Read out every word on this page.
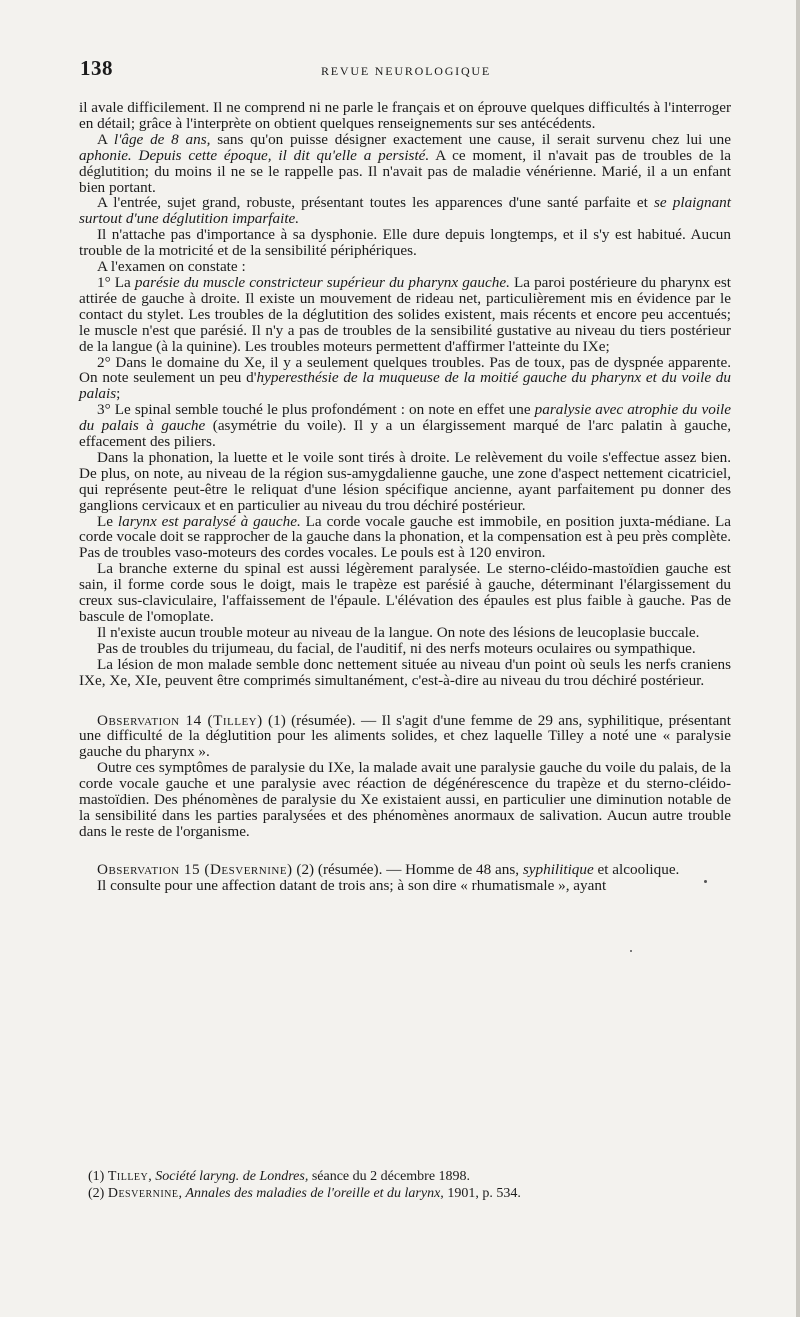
138	REVUE NEUROLOGIQUE

il avale difficilement. Il ne comprend ni ne parle le français et on éprouve quelques difficultés à l'interroger en détail; grâce à l'interprète on obtient quelques renseignements sur ses antécédents.

A l'âge de 8 ans, sans qu'on puisse désigner exactement une cause, il serait survenu chez lui une aphonie. Depuis cette époque, il dit qu'elle a persisté. A ce moment, il n'avait pas de troubles de la déglutition; du moins il ne se le rappelle pas. Il n'avait pas de maladie vénérienne. Marié, il a un enfant bien portant.

A l'entrée, sujet grand, robuste, présentant toutes les apparences d'une santé parfaite et se plaignant surtout d'une déglutition imparfaite.

Il n'attache pas d'importance à sa dysphonie. Elle dure depuis longtemps, et il s'y est habitué. Aucun trouble de la motricité et de la sensibilité périphériques.

A l'examen on constate :

1° La parésie du muscle constricteur supérieur du pharynx gauche. La paroi postérieure du pharynx est attirée de gauche à droite. Il existe un mouvement de rideau net, particulièrement mis en évidence par le contact du stylet. Les troubles de la déglutition des solides existent, mais récents et encore peu accentués; le muscle n'est que parésié. Il n'y a pas de troubles de la sensibilité gustative au niveau du tiers postérieur de la langue (à la quinine). Les troubles moteurs permettent d'affirmer l'atteinte du IXe;

2° Dans le domaine du Xe, il y a seulement quelques troubles. Pas de toux, pas de dyspnée apparente. On note seulement un peu d'hyperesthésie de la muqueuse de la moitié gauche du pharynx et du voile du palais;

3° Le spinal semble touché le plus profondément : on note en effet une paralysie avec atrophie du voile du palais à gauche (asymétrie du voile). Il y a un élargissement marqué de l'arc palatin à gauche, effacement des piliers.

Dans la phonation, la luette et le voile sont tirés à droite. Le relèvement du voile s'effectue assez bien. De plus, on note, au niveau de la région sus-amygdalienne gauche, une zone d'aspect nettement cicatriciel, qui représente peut-être le reliquat d'une lésion spécifique ancienne, ayant parfaitement pu donner des ganglions cervicaux et en particulier au niveau du trou déchiré postérieur.

Le larynx est paralysé à gauche. La corde vocale gauche est immobile, en position juxta-médiane. La corde vocale doit se rapprocher de la gauche dans la phonation, et la compensation est à peu près complète. Pas de troubles vaso-moteurs des cordes vocales. Le pouls est à 120 environ.

La branche externe du spinal est aussi légèrement paralysée. Le sterno-cléido-mastoïdien gauche est sain, il forme corde sous le doigt, mais le trapèze est parésié à gauche, déterminant l'élargissement du creux sus-claviculaire, l'affaissement de l'épaule. L'élévation des épaules est plus faible à gauche. Pas de bascule de l'omoplate.

Il n'existe aucun trouble moteur au niveau de la langue. On note des lésions de leucoplasie buccale.

Pas de troubles du trijumeau, du facial, de l'auditif, ni des nerfs moteurs oculaires ou sympathique.

La lésion de mon malade semble donc nettement située au niveau d'un point où seuls les nerfs craniens IXe, Xe, XIe, peuvent être comprimés simultanément, c'est-à-dire au niveau du trou déchiré postérieur.

Observation 14 (Tilley) (1) (résumée). — Il s'agit d'une femme de 29 ans, syphilitique, présentant une difficulté de la déglutition pour les aliments solides, et chez laquelle Tilley a noté une « paralysie gauche du pharynx ».

Outre ces symptômes de paralysie du IXe, la malade avait une paralysie gauche du voile du palais, de la corde vocale gauche et une paralysie avec réaction de dégénérescence du trapèze et du sterno-cléido-mastoïdien. Des phénomènes de paralysie du Xe existaient aussi, en particulier une diminution notable de la sensibilité dans les parties paralysées et des phénomènes anormaux de salivation. Aucun autre trouble dans le reste de l'organisme.

Observation 15 (Desvernine) (2) (résumée). — Homme de 48 ans, syphilitique et alcoolique.

Il consulte pour une affection datant de trois ans; à son dire « rhumatismale », ayant

(1) Tilley, Société laryng. de Londres, séance du 2 décembre 1898.

(2) Desvernine, Annales des maladies de l'oreille et du larynx, 1901, p. 534.
